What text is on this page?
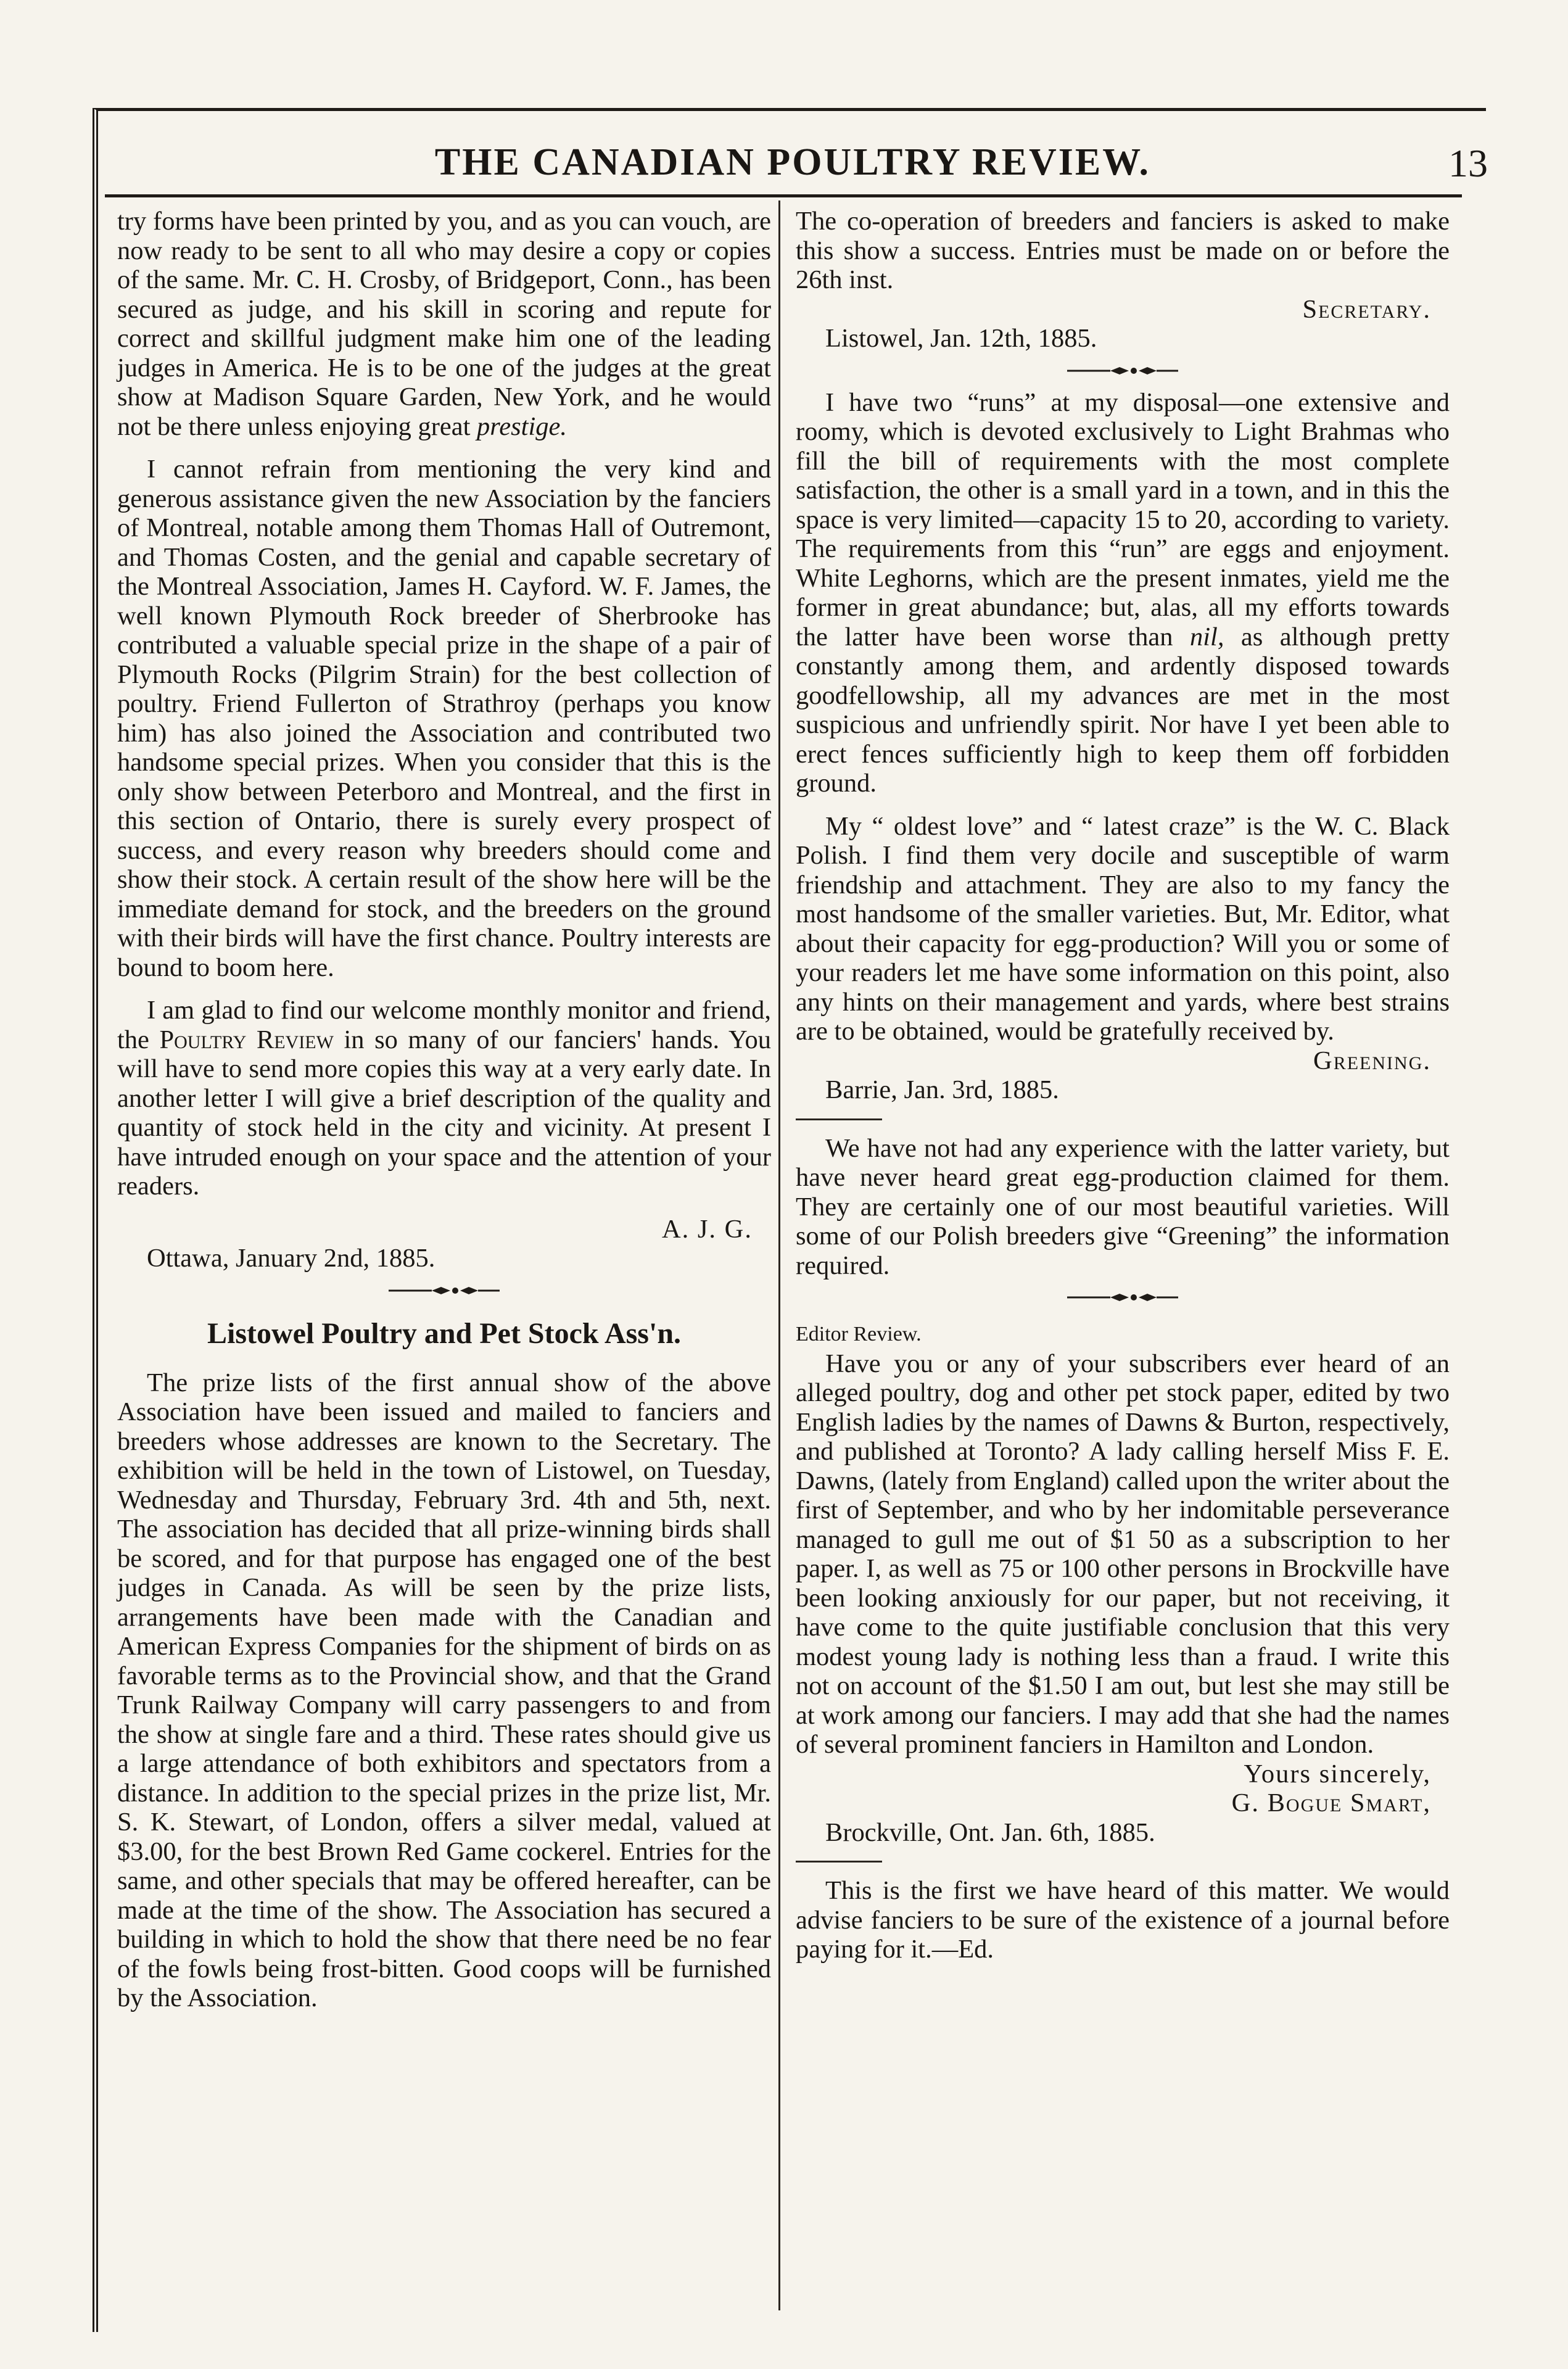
THE CANADIAN POULTRY REVIEW.	13

try forms have been printed by you, and as you can vouch, are now ready to be sent to all who may desire a copy or copies of the same. Mr. C. H. Crosby, of Bridgeport, Conn., has been secured as judge, and his skill in scoring and repute for correct and skillful judgment make him one of the leading judges in America. He is to be one of the judges at the great show at Madison Square Garden, New York, and he would not be there unless enjoying great prestige.

I cannot refrain from mentioning the very kind and generous assistance given the new Association by the fanciers of Montreal, notable among them Thomas Hall of Outremont, and Thomas Costen, and the genial and capable secretary of the Montreal Association, James H. Cayford. W. F. James, the well known Plymouth Rock breeder of Sherbrooke has contributed a valuable special prize in the shape of a pair of Plymouth Rocks (Pilgrim Strain) for the best collection of poultry. Friend Fullerton of Strathroy (perhaps you know him) has also joined the Association and contributed two handsome special prizes. When you consider that this is the only show between Peterboro and Montreal, and the first in this section of Ontario, there is surely every prospect of success, and every reason why breeders should come and show their stock. A certain result of the show here will be the immediate demand for stock, and the breeders on the ground with their birds will have the first chance. Poultry interests are bound to boom here.

I am glad to find our welcome monthly monitor and friend, the Poultry Review in so many of our fanciers' hands. You will have to send more copies this way at a very early date. In another letter I will give a brief description of the quality and quantity of stock held in the city and vicinity. At present I have intruded enough on your space and the attention of your readers.

A. J. G.

Ottawa, January 2nd, 1885.

Listowel Poultry and Pet Stock Ass'n.

The prize lists of the first annual show of the above Association have been issued and mailed to fanciers and breeders whose addresses are known to the Secretary. The exhibition will be held in the town of Listowel, on Tuesday, Wednesday and Thursday, February 3rd. 4th and 5th, next. The association has decided that all prize-winning birds shall be scored, and for that purpose has engaged one of the best judges in Canada. As will be seen by the prize lists, arrangements have been made with the Canadian and American Express Companies for the shipment of birds on as favorable terms as to the Provincial show, and that the Grand Trunk Railway Company will carry passengers to and from the show at single fare and a third. These rates should give us a large attendance of both exhibitors and spectators from a distance. In addition to the special prizes in the prize list, Mr. S. K. Stewart, of London, offers a silver medal, valued at $3.00, for the best Brown Red Game cockerel. Entries for the same, and other specials that may be offered hereafter, can be made at the time of the show. The Association has secured a building in which to hold the show that there need be no fear of the fowls being frost-bitten. Good coops will be furnished by the Association.

The co-operation of breeders and fanciers is asked to make this show a success. Entries must be made on or before the 26th inst.

Secretary.

Listowel, Jan. 12th, 1885.

I have two “runs” at my disposal—one extensive and roomy, which is devoted exclusively to Light Brahmas who fill the bill of requirements with the most complete satisfaction, the other is a small yard in a town, and in this the space is very limited—capacity 15 to 20, according to variety. The requirements from this “run” are eggs and enjoyment. White Leghorns, which are the present inmates, yield me the former in great abundance; but, alas, all my efforts towards the latter have been worse than nil, as although pretty constantly among them, and ardently disposed towards goodfellowship, all my advances are met in the most suspicious and unfriendly spirit. Nor have I yet been able to erect fences sufficiently high to keep them off forbidden ground.

My “ oldest love” and “ latest craze” is the W. C. Black Polish. I find them very docile and susceptible of warm friendship and attachment. They are also to my fancy the most handsome of the smaller varieties. But, Mr. Editor, what about their capacity for egg-production? Will you or some of your readers let me have some information on this point, also any hints on their management and yards, where best strains are to be obtained, would be gratefully received by.

Greening.

Barrie, Jan. 3rd, 1885.

We have not had any experience with the latter variety, but have never heard great egg-production claimed for them. They are certainly one of our most beautiful varieties. Will some of our Polish breeders give “Greening” the information required.

Editor Review.

Have you or any of your subscribers ever heard of an alleged poultry, dog and other pet stock paper, edited by two English ladies by the names of Dawns & Burton, respectively, and published at Toronto? A lady calling herself Miss F. E. Dawns, (lately from England) called upon the writer about the first of September, and who by her indomitable perseverance managed to gull me out of $1 50 as a subscription to her paper. I, as well as 75 or 100 other persons in Brockville have been looking anxiously for our paper, but not receiving, it have come to the quite justifiable conclusion that this very modest young lady is nothing less than a fraud. I write this not on account of the $1.50 I am out, but lest she may still be at work among our fanciers. I may add that she had the names of several prominent fanciers in Hamilton and London.

Yours sincerely,

G. Bogue Smart,

Brockville, Ont. Jan. 6th, 1885.

This is the first we have heard of this matter. We would advise fanciers to be sure of the existence of a journal before paying for it.—Ed.
